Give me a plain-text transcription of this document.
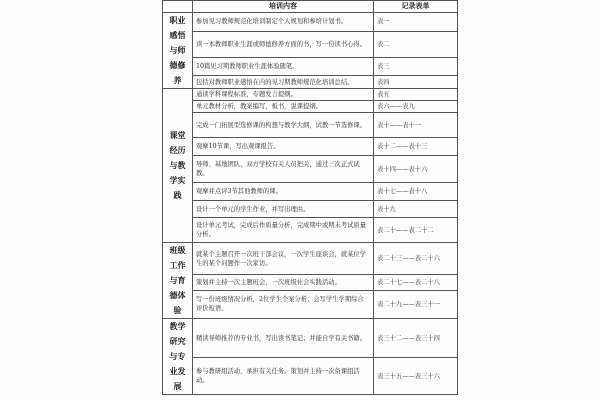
	培训内容	记录表单
职业感悟与师德修养	参加见习教师规范化培训制定个人规划和参培计划书。	表一
	读一本教师职业生涯或师德修养方面的书，写一份读书心得。	表二
	10篇见习期教师职业生涯体验随笔。	表三
	包括对教师职业感悟在内的见习期教师规范化培训总结。	表四
课堂经历与教学实践	通读学科课程标准，专题发言提纲。	表五
	单元教材分析，教案编写，板书，说课提纲。	表六——表九
	完成一门拓展型选修课的构想与教学大纲，试教一节选修课。	表十——表十一
	观摩10节课，写出观课报告。	表十二——表十三
	导师、基地团队、双方学校有关人员把关，通过三次正式试教。	表十四——表十六
	观摩并点评3节其他教师的课。	表十七——表十八
	设计一个单元的学生作业，并写出理由。	表十九
	设计单元考试，完成后作质量分析，完成期中或期末考试质量分析。	表二十——表二十二
班级工作与育德体验	就某个主题召开一次班干部会议，一次学生座谈会，就某位学生的某个问题作一次家访。	表二十三——表二十六
	策划并主持一次主题班会，一次班级社会实践活动。	表二十七——表二十八
	写一份班级情况分析，2位学生个案分析；会写学生学期综合评价短语。	表二十九——表三十一
教学研究与专业发展	精读导师推荐的专业书，写出读书笔记；并能自学有关书籍。	表三十二——表三十四
	参与教研组活动，承担有关任务。策划并主持一次备课组活动。	表三十五——表三十六
